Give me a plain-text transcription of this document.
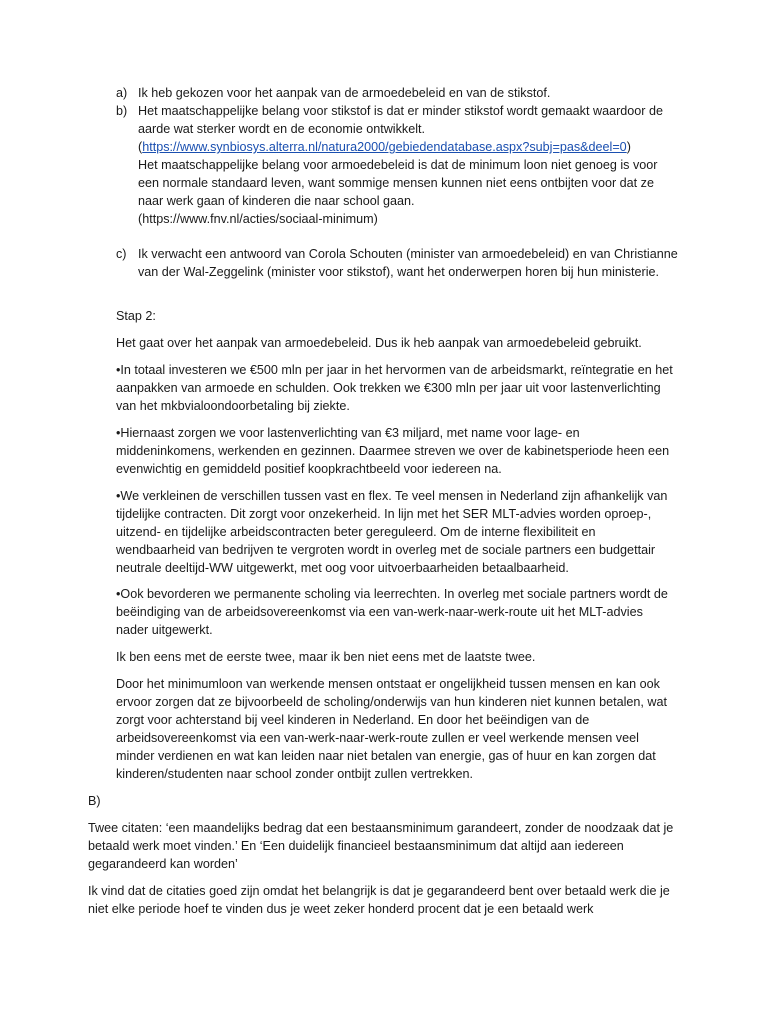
a) Ik heb gekozen voor het aanpak van de armoedebeleid en van de stikstof.

b) Het maatschappelijke belang voor stikstof is dat er minder stikstof wordt gemaakt waardoor de aarde wat sterker wordt en de economie ontwikkelt.

(https://www.synbiosys.alterra.nl/natura2000/gebiedendatabase.aspx?subj=pas&deel=0)

Het maatschappelijke belang voor armoedebeleid is dat de minimum loon niet genoeg is voor een normale standaard leven, want sommige mensen kunnen niet eens ontbijten voor dat ze naar werk gaan of kinderen die naar school gaan.

(https://www.fnv.nl/acties/sociaal-minimum)

c) Ik verwacht een antwoord van Corola Schouten (minister van armoedebeleid) en van Christianne van der Wal-Zeggelink (minister voor stikstof), want het onderwerpen horen bij hun ministerie.

Stap 2:

Het gaat over het aanpak van armoedebeleid. Dus ik heb aanpak van armoedebeleid gebruikt.

•In totaal investeren we €500 mln per jaar in het hervormen van de arbeidsmarkt, reïntegratie en het aanpakken van armoede en schulden. Ook trekken we €300 mln per jaar uit voor lastenverlichting van het mkbvialoondoorbetaling bij ziekte.

•Hiernaast zorgen we voor lastenverlichting van €3 miljard, met name voor lage- en middeninkomens, werkenden en gezinnen. Daarmee streven we over de kabinetsperiode heen een evenwichtig en gemiddeld positief koopkrachtbeeld voor iedereen na.

•We verkleinen de verschillen tussen vast en flex. Te veel mensen in Nederland zijn afhankelijk van tijdelijke contracten. Dit zorgt voor onzekerheid. In lijn met het SER MLT-advies worden oproep-, uitzend- en tijdelijke arbeidscontracten beter gereguleerd. Om de interne flexibiliteit en wendbaarheid van bedrijven te vergroten wordt in overleg met de sociale partners een budgettair neutrale deeltijd-WW uitgewerkt, met oog voor uitvoerbaarheiden betaalbaarheid.

•Ook bevorderen we permanente scholing via leerrechten. In overleg met sociale partners wordt de beëindiging van de arbeidsovereenkomst via een van-werk-naar-werk-route uit het MLT-advies nader uitgewerkt.

Ik ben eens met de eerste twee, maar ik ben niet eens met de laatste twee.

Door het minimumloon van werkende mensen ontstaat er ongelijkheid tussen mensen en kan ook ervoor zorgen dat ze bijvoorbeeld de scholing/onderwijs van hun kinderen niet kunnen betalen, wat zorgt voor achterstand bij veel kinderen in Nederland. En door het beëindigen van de arbeidsovereenkomst via een van-werk-naar-werk-route zullen er veel werkende mensen veel minder verdienen en wat kan leiden naar niet betalen van energie, gas of huur en kan zorgen dat kinderen/studenten naar school zonder ontbijt zullen vertrekken.

B)

Twee citaten: ‘een maandelijks bedrag dat een bestaansminimum garandeert, zonder de noodzaak dat je betaald werk moet vinden.’ En ‘Een duidelijk financieel bestaansminimum dat altijd aan iedereen gegarandeerd kan worden’

Ik vind dat de citaties goed zijn omdat het belangrijk is dat je gegarandeerd bent over betaald werk die je niet elke periode hoef te vinden dus je weet zeker honderd procent dat je een betaald werk
